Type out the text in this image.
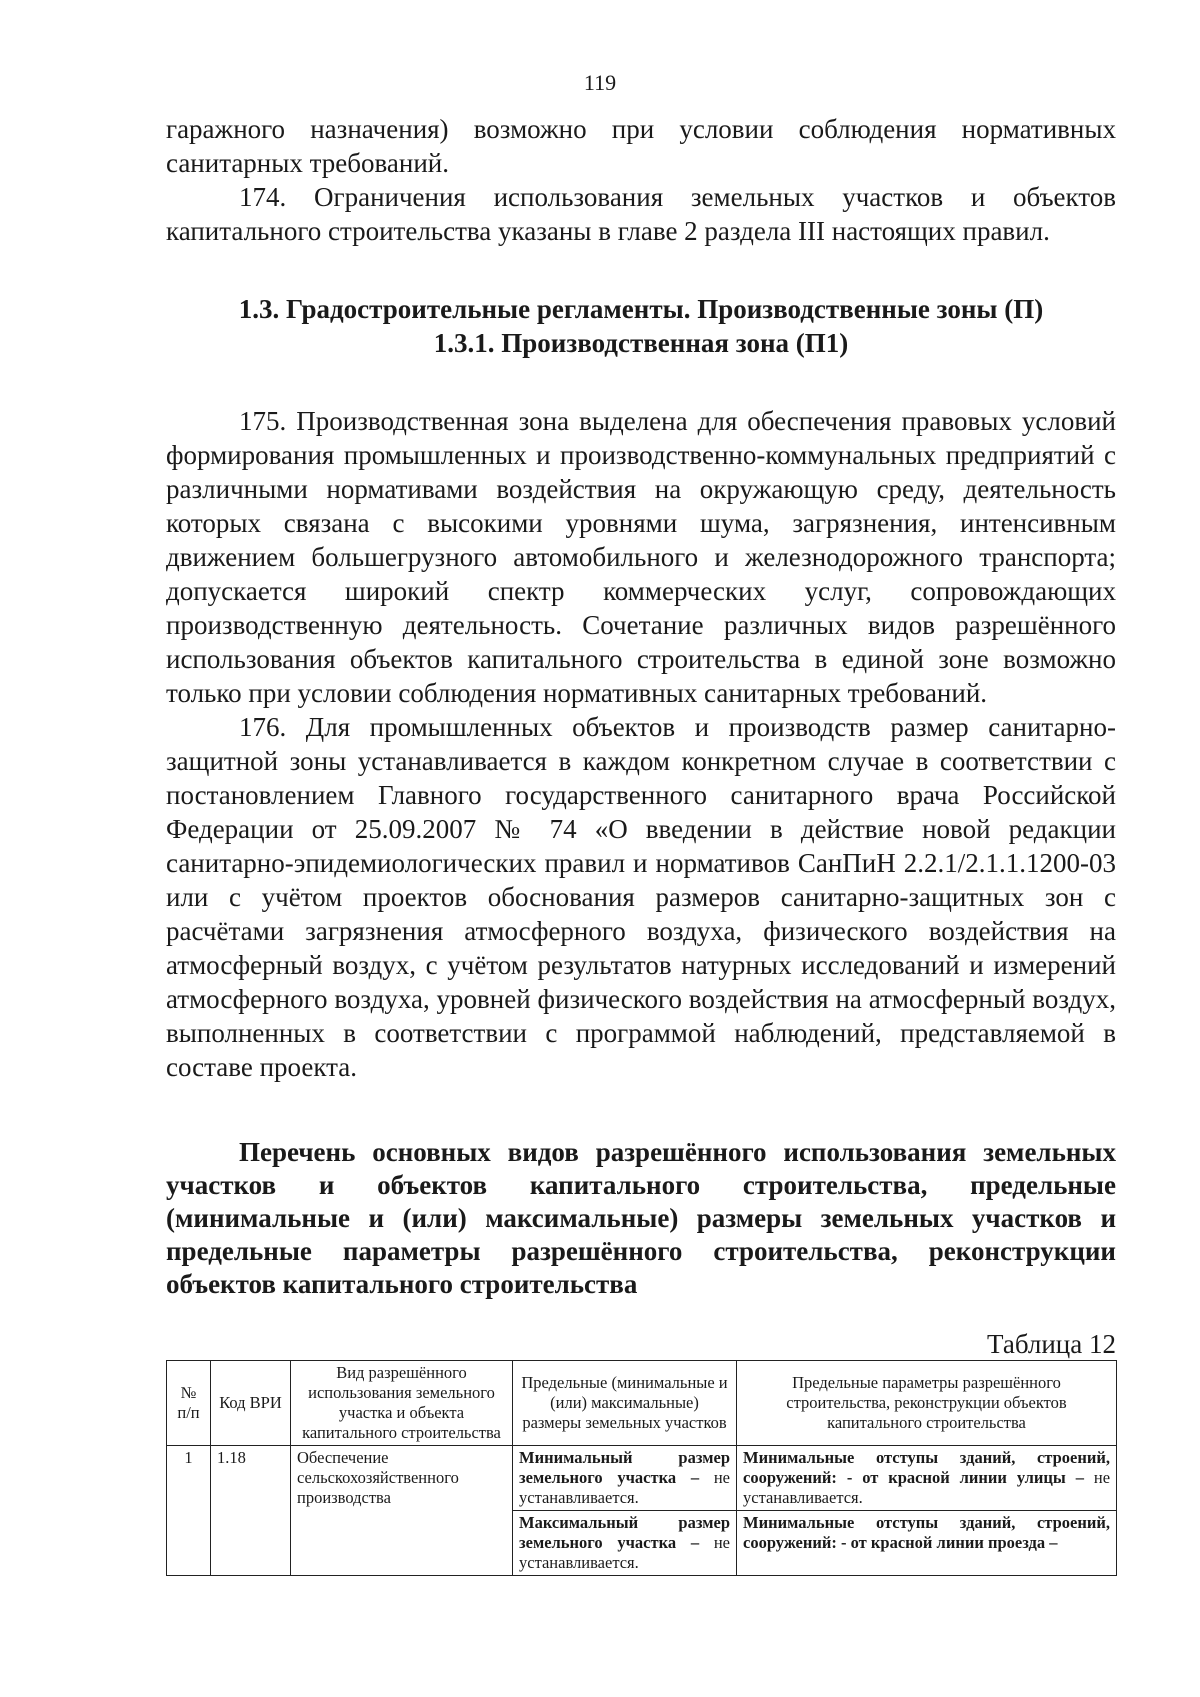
119

гаражного назначения) возможно при условии соблюдения нормативных санитарных требований.

174. Ограничения использования земельных участков и объектов капитального строительства указаны в главе 2 раздела III настоящих правил.

1.3. Градостроительные регламенты. Производственные зоны (П)

1.3.1. Производственная зона (П1)

175. Производственная зона выделена для обеспечения правовых условий формирования промышленных и производственно-коммунальных предприятий с различными нормативами воздействия на окружающую среду, деятельность которых связана с высокими уровнями шума, загрязнения, интенсивным движением большегрузного автомобильного и железнодорожного транспорта; допускается широкий спектр коммерческих услуг, сопровождающих производственную деятельность. Сочетание различных видов разрешённого использования объектов капитального строительства в единой зоне возможно только при условии соблюдения нормативных санитарных требований.

176. Для промышленных объектов и производств размер санитарно-защитной зоны устанавливается в каждом конкретном случае в соответствии с постановлением Главного государственного санитарного врача Российской Федерации от 25.09.2007 № 74 «О введении в действие новой редакции санитарно-эпидемиологических правил и нормативов СанПиН 2.2.1/2.1.1.1200-03 или с учётом проектов обоснования размеров санитарно-защитных зон с расчётами загрязнения атмосферного воздуха, физического воздействия на атмосферный воздух, с учётом результатов натурных исследований и измерений атмосферного воздуха, уровней физического воздействия на атмосферный воздух, выполненных в соответствии с программой наблюдений, представляемой в составе проекта.

Перечень основных видов разрешённого использования земельных участков и объектов капитального строительства, предельные (минимальные и (или) максимальные) размеры земельных участков и предельные параметры разрешённого строительства, реконструкции объектов капитального строительства

Таблица 12
№ п/п	Код ВРИ	Вид разрешённого использования земельного участка и объекта капитального строительства	Предельные (минимальные и (или) максимальные) размеры земельных участков	Предельные параметры разрешённого строительства, реконструкции объектов капитального строительства
1	1.18	Обеспечение сельскохозяйственного производства	Минимальный размер земельного участка – не устанавливается.	Минимальные отступы зданий, строений, сооружений: - от красной линии улицы – не устанавливается.
			Максимальный размер земельного участка – не устанавливается.	Минимальные отступы зданий, строений, сооружений: - от красной линии проезда –
